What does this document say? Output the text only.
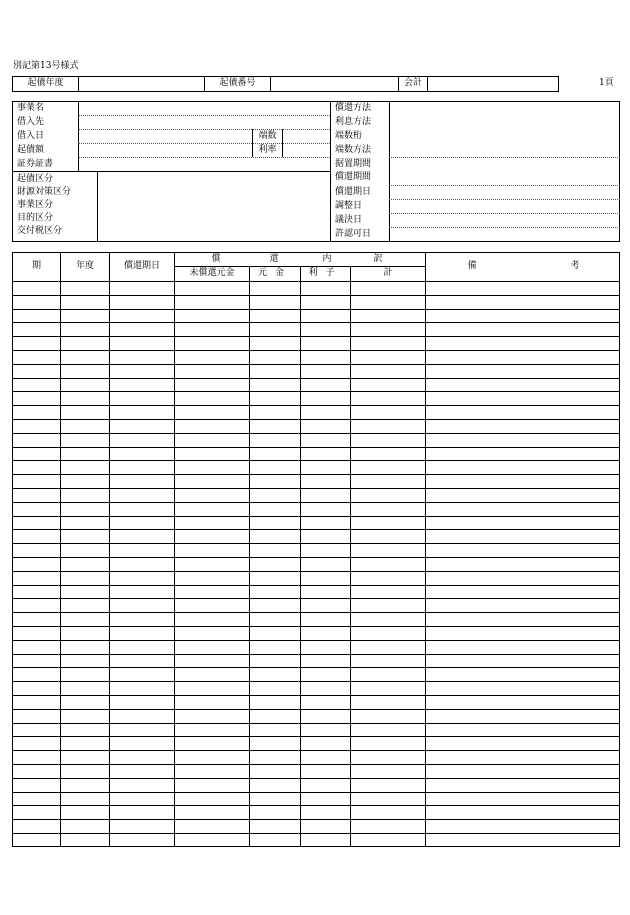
別記第13号様式
起債年度	起債番号	会計	1頁
事業名
借入先
借入日
起債額
証券証書
端数
利率
起債区分
財源対策区分
事業区分
目的区分
交付税区分
償還方法
利息方法
端数桁
端数方法
据置期間
償還期間
償還期日
調整日
議決日
許認可日
期	年度	償還期日
償	還	内	訳
未償還元金	元金	利子	計
備	考
